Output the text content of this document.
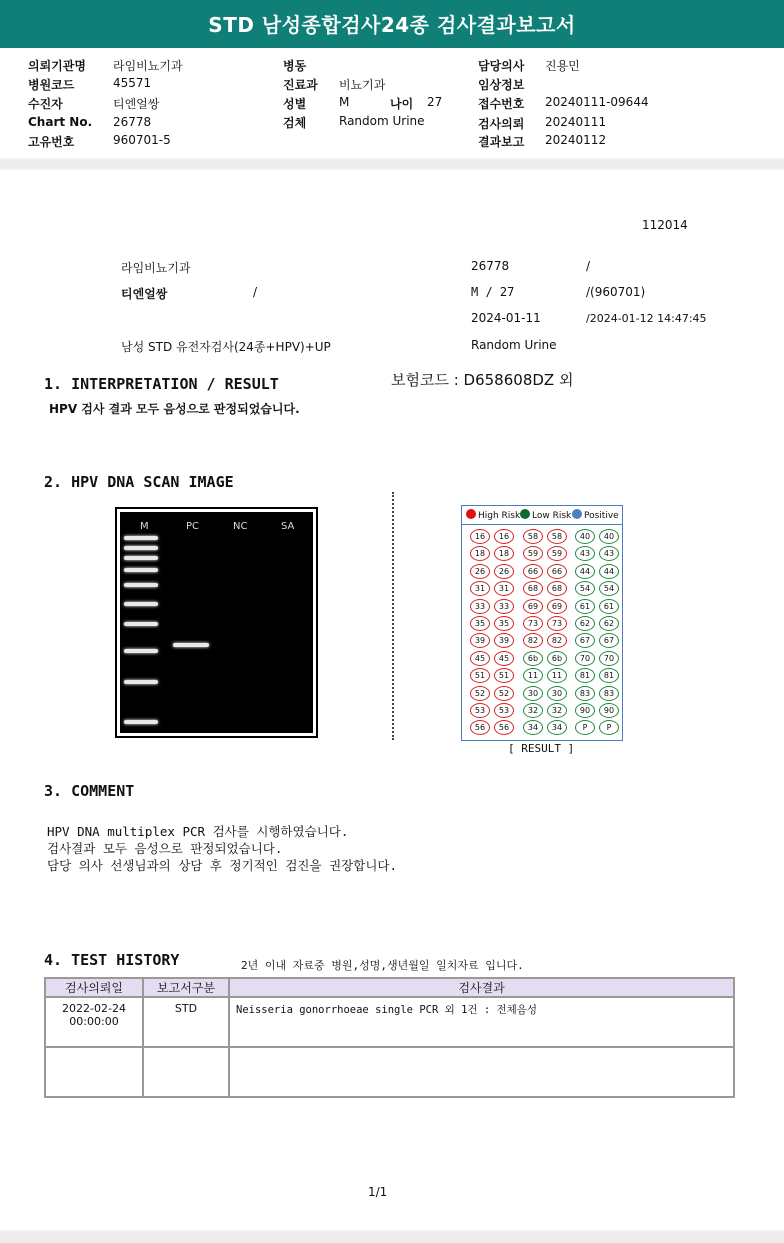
STD 남성종합검사24종 검사결과보고서
의뢰기관명 라임비뇨기과
병원코드	45571
수진자	티엔얼쌍
Chart No. 26778
고유번호	960701-5
병동
진료과 비뇨기과
성별	M	나이 27
검체	Random Urine
담당의사 진용민
임상정보
접수번호 20240111-09644
검사의뢰 20240111
결과보고 20240112
112014
라임비뇨기과	26778	/
티엔얼쌍	/	M / 27	/(960701)
2024-01-11	/2024-01-12 14:47:45
남성 STD 유전자검사(24종+HPV)+UP	Random Urine
1. INTERPRETATION / RESULT	보험코드 : D658608DZ 외
HPV 검사 결과 모두 음성으로 판정되었습니다.
2. HPV DNA SCAN IMAGE
M	PC	NC	SA
High Risk	Low Risk	Positive
16	16
18	18
26	26
31	31
33	33
35	35
39	39
45	45
51	51
52	52
53	53
56	56
58	58
59	59
66	66
68	68
69	69
73	73
82	82
6b	6b
11	11
30	30
32	32
34	34
40	40
43	43
44	44
54	54
61	61
62	62
67	67
70	70
81	81
83	83
90	90
P	P
[ RESULT ]
3. COMMENT
HPV DNA multiplex PCR 검사를 시행하였습니다.
검사결과 모두 음성으로 판정되었습니다.
담당 의사 선생님과의 상담 후 정기적인 검진을 권장합니다.
4. TEST HISTORY	2년 이내 자료중 병원,성명,생년월일 일치자료 입니다.
검사의뢰일	보고서구분	검사결과

2022-02-24
00:00:00	STD	Neisseria gonorrhoeae single PCR 외 1건 : 전체음성

1/1
